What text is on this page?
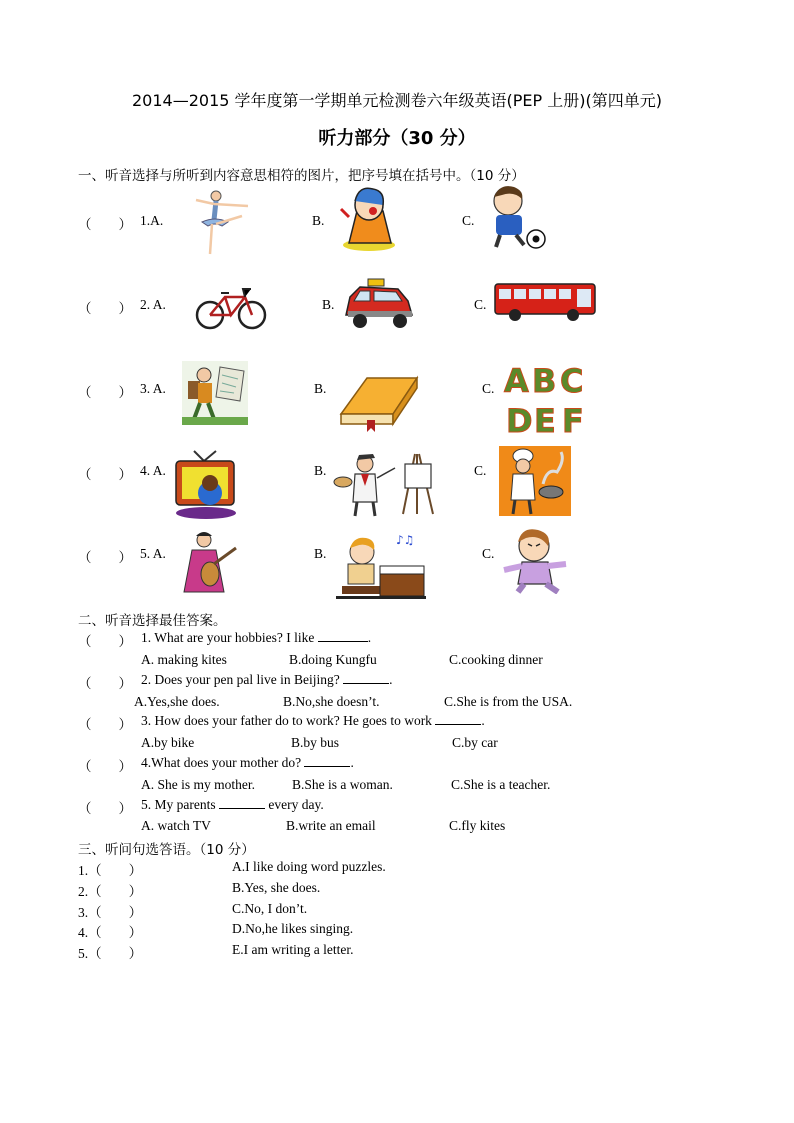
2014—2015 学年度第一学期单元检测卷六年级英语(PEP 上册)(第四单元)
听力部分（30 分）
一、听音选择与所听到内容意思相符的图片，把序号填在括号中。（10 分）
（　　） 1.A.	B.	C.
（　　） 2. A.	B.	C.
（　　） 3. A.	B.	C. A B C
D E F
（　　） 4. A.	B.	C.
（　　） 5. A.	B.	C.
♪♫
二、听音选择最佳答案。
（　　） 1. What are your hobbies? I like	.
A. making kites	B.doing Kungfu	C.cooking dinner
（　　） 2. Does your pen pal live in Beijing?	.
A.Yes,she does.	B.No,she doesn’t.	C.She is from the USA.
（　　） 3. How does your father do to work? He goes to work	.
A.by bike	B.by bus	C.by car
（　　） 4.What does your mother do?	.
A. She is my mother.	B.She is a woman.	C.She is a teacher.
（　　） 5. My parents	every day.
A. watch TV	B.write an email	C.fly kites
三、听问句选答语。（10 分）
1.（　　）	A.I like doing word puzzles.
2.（　　）	B.Yes, she does.
3.（　　）	C.No, I don’t.
4.（　　）	D.No,he likes singing.
5.（　　）	E.I am writing a letter.
